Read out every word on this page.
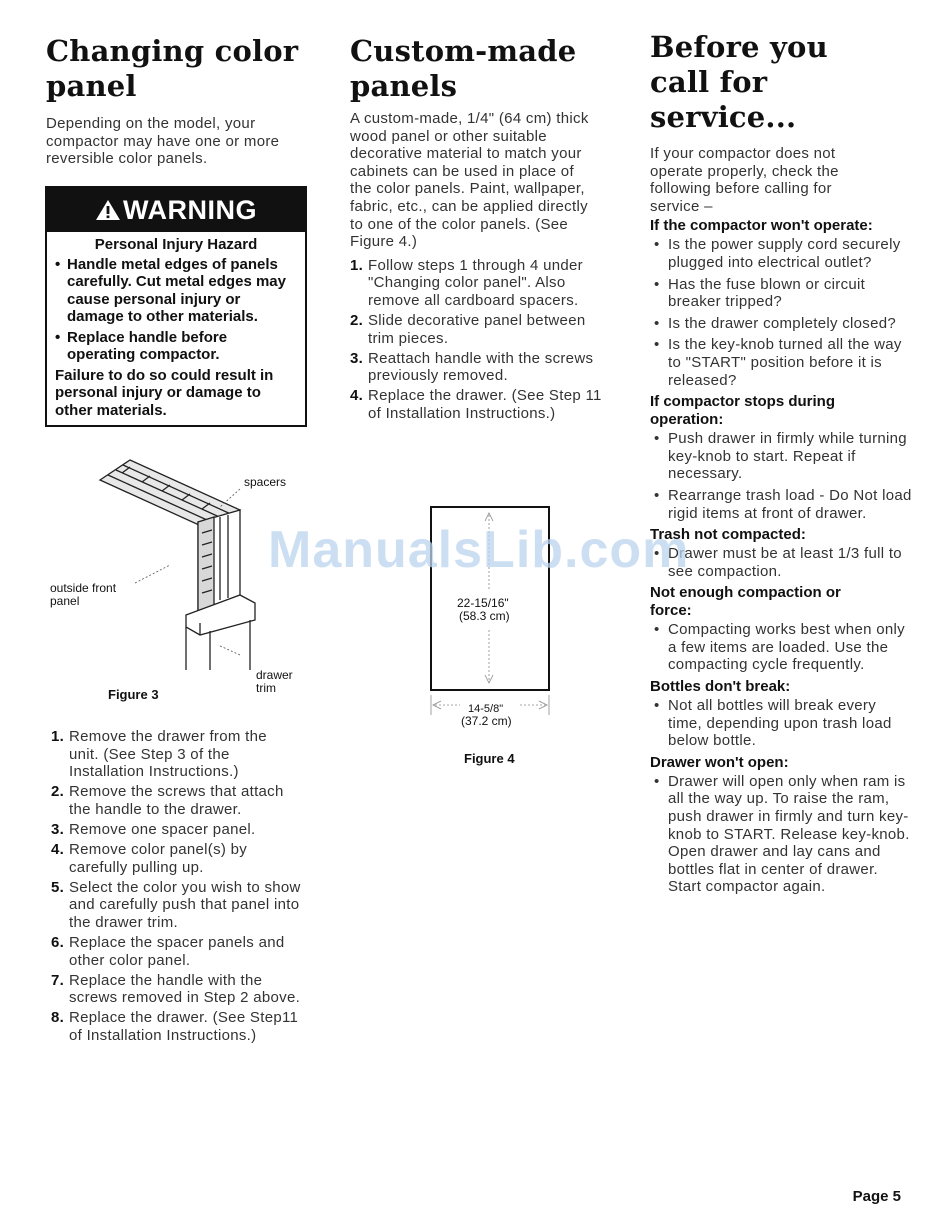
Changing color panel

Depending on the model, your compactor may have one or more reversible color panels.

WARNING
Personal Injury Hazard
• Handle metal edges of panels carefully. Cut metal edges may cause personal injury or damage to other materials.
• Replace handle before operating compactor.
Failure to do so could result in personal injury or damage to other materials.
spacers
outside front panel
drawer trim
Figure 3
1. Remove the drawer from the unit. (See Step 3 of the Installation Instructions.)
2. Remove the screws that attach the handle to the drawer.
3. Remove one spacer panel.
4. Remove color panel(s) by carefully pulling up.
5. Select the color you wish to show and carefully push that panel into the drawer trim.
6. Replace the spacer panels and other color panel.
7. Replace the handle with the screws removed in Step 2 above.
8. Replace the drawer. (See Step11 of Installation Instructions.)
Custom-made panels

A custom-made, 1/4" (64 cm) thick wood panel or other suitable decorative material to match your cabinets can be used in place of the color panels. Paint, wallpaper, fabric, etc., can be applied directly to one of the color panels. (See Figure 4.)

1. Follow steps 1 through 4 under "Changing color panel". Also remove all cardboard spacers.
2. Slide decorative panel between trim pieces.
3. Reattach handle with the screws previously removed.
4. Replace the drawer. (See Step 11 of Installation Instructions.)
22-15/16"
(58.3 cm)
14-5/8"
(37.2 cm)
Figure 4
Before you call for service...

If your compactor does not operate properly, check the following before calling for service –

If the compactor won't operate:
• Is the power supply cord securely plugged into electrical outlet?
• Has the fuse blown or circuit breaker tripped?
• Is the drawer completely closed?
• Is the key-knob turned all the way to "START" position before it is released?
If compactor stops during operation:
• Push drawer in firmly while turning key-knob to start. Repeat if necessary.
• Rearrange trash load - Do Not load rigid items at front of drawer.
Trash not compacted:
• Drawer must be at least 1/3 full to see compaction.
Not enough compaction or force:
• Compacting works best when only a few items are loaded. Use the compacting cycle frequently.
Bottles don't break:
• Not all bottles will break every time, depending upon trash load below bottle.
Drawer won't open:
• Drawer will open only when ram is all the way up. To raise the ram, push drawer in firmly and turn key-knob to START. Release key-knob. Open drawer and lay cans and bottles flat in center of drawer. Start compactor again.
ManualsLib.com
Page 5
